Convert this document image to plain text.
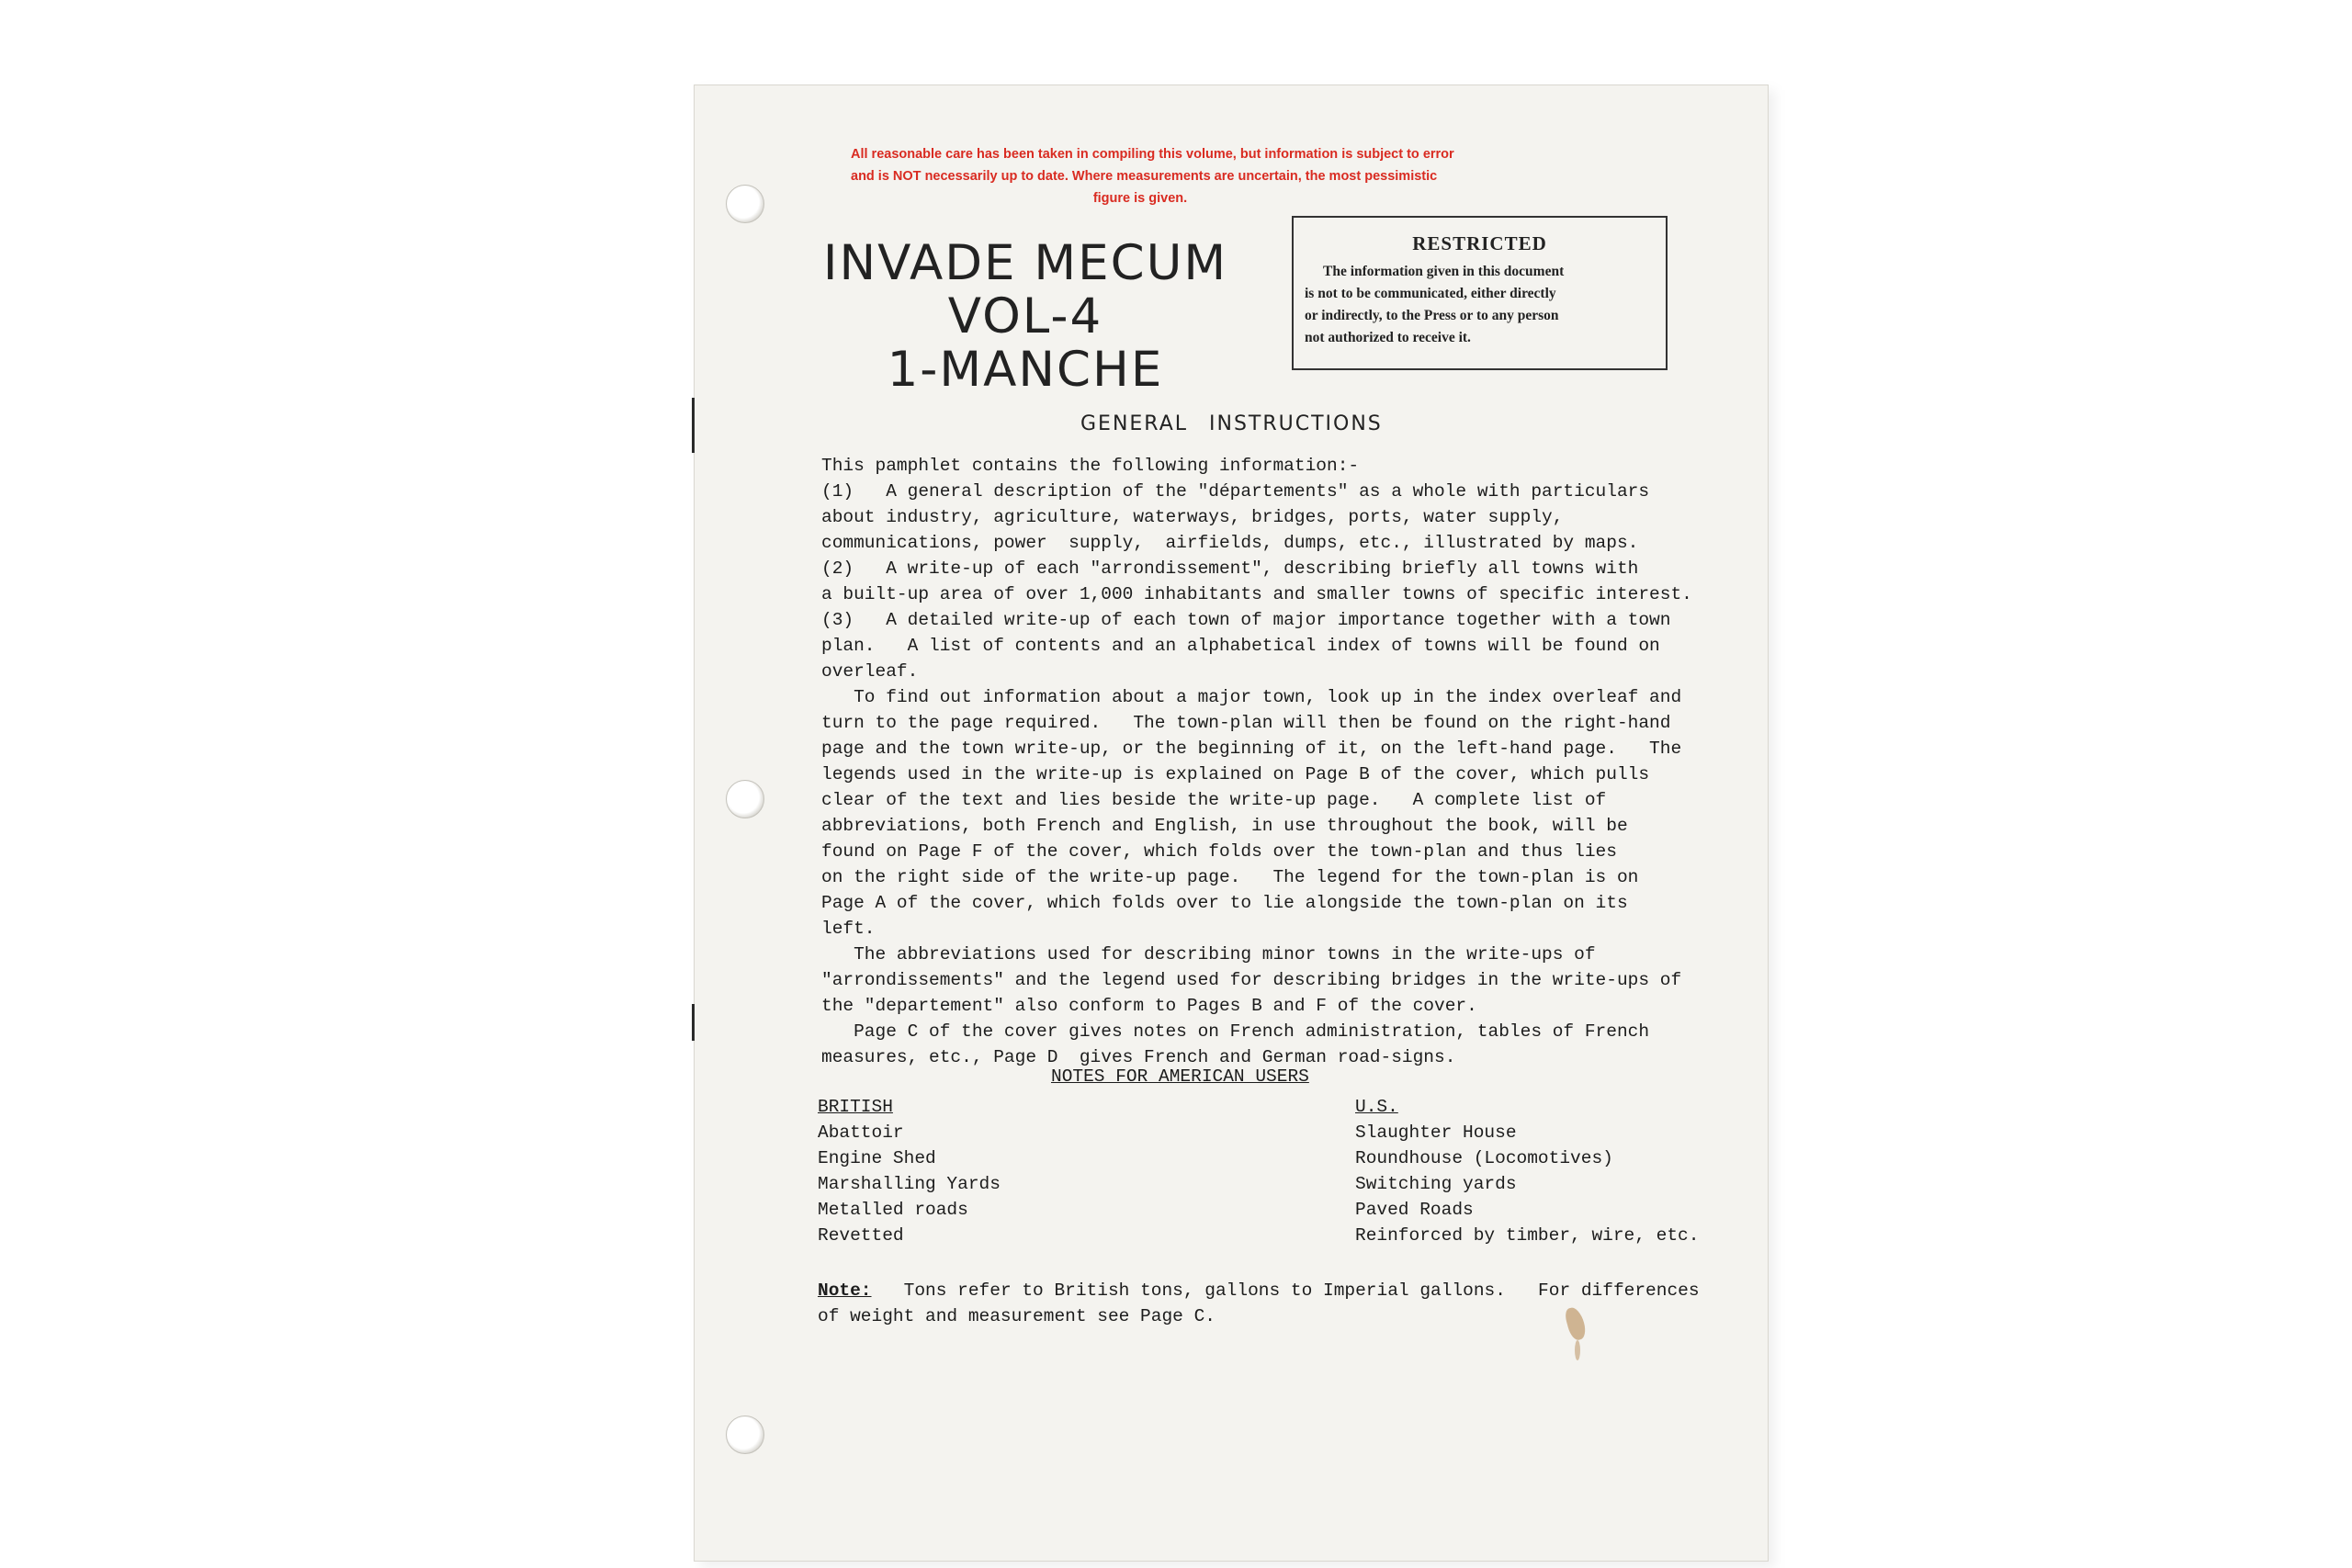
All reasonable care has been taken in compiling this volume, but information is subject to error
and is NOT necessarily up to date. Where measurements are uncertain, the most pessimistic
figure is given.
INVADE MECUM
VOL-4
1-MANCHE
RESTRICTED
The information given in this document
is not to be communicated, either directly
or indirectly, to the Press or to any person
not authorized to receive it.
GENERAL INSTRUCTIONS
This pamphlet contains the following information:-
(1)   A general description of the "départements" as a whole with particulars
about industry, agriculture, waterways, bridges, ports, water supply,
communications, power  supply,  airfields, dumps, etc., illustrated by maps.
(2)   A write-up of each "arrondissement", describing briefly all towns with
a built-up area of over 1,000 inhabitants and smaller towns of specific interest.
(3)   A detailed write-up of each town of major importance together with a town
plan.   A list of contents and an alphabetical index of towns will be found on
overleaf.
To find out information about a major town, look up in the index overleaf and
turn to the page required.   The town-plan will then be found on the right-hand
page and the town write-up, or the beginning of it, on the left-hand page.   The
legends used in the write-up is explained on Page B of the cover, which pulls
clear of the text and lies beside the write-up page.   A complete list of
abbreviations, both French and English, in use throughout the book, will be
found on Page F of the cover, which folds over the town-plan and thus lies
on the right side of the write-up page.   The legend for the town-plan is on
Page A of the cover, which folds over to lie alongside the town-plan on its
left.
The abbreviations used for describing minor towns in the write-ups of
"arrondissements" and the legend used for describing bridges in the write-ups of
the "departement" also conform to Pages B and F of the cover.
Page C of the cover gives notes on French administration, tables of French
measures, etc., Page D  gives French and German road-signs.
NOTES FOR AMERICAN USERS
BRITISH
Abattoir
Engine Shed
Marshalling Yards
Metalled roads
Revetted
U.S.
Slaughter House
Roundhouse (Locomotives)
Switching yards
Paved Roads
Reinforced by timber, wire, etc.
Note:   Tons refer to British tons, gallons to Imperial gallons.   For differences
of weight and measurement see Page C.
